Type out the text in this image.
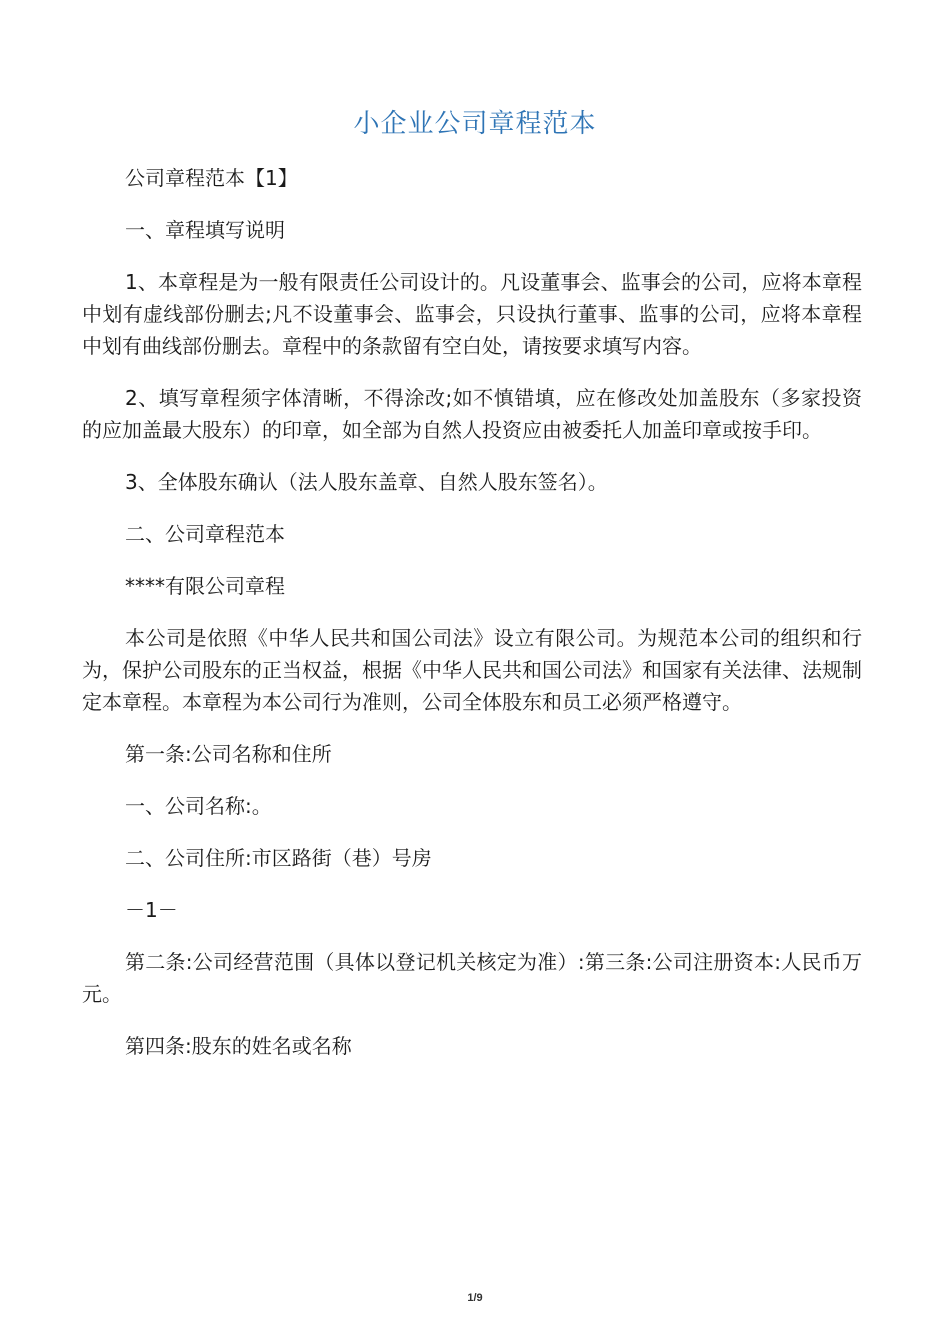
小企业公司章程范本

公司章程范本【1】

一、章程填写说明

1、本章程是为一般有限责任公司设计的。凡设董事会、监事会的公司，应将本章程中划有虚线部份删去;凡不设董事会、监事会，只设执行董事、监事的公司，应将本章程中划有曲线部份删去。章程中的条款留有空白处，请按要求填写内容。

2、填写章程须字体清晰，不得涂改;如不慎错填，应在修改处加盖股东（多家投资的应加盖最大股东）的印章，如全部为自然人投资应由被委托人加盖印章或按手印。

3、全体股东确认（法人股东盖章、自然人股东签名）。

二、公司章程范本

****有限公司章程

本公司是依照《中华人民共和国公司法》设立有限公司。为规范本公司的组织和行为，保护公司股东的正当权益，根据《中华人民共和国公司法》和国家有关法律、法规制定本章程。本章程为本公司行为准则，公司全体股东和员工必须严格遵守。

第一条:公司名称和住所

一、公司名称:。

二、公司住所:市区路街（巷）号房

－1－

第二条:公司经营范围（具体以登记机关核定为准）:第三条:公司注册资本:人民币万元。

第四条:股东的姓名或名称

1/9
